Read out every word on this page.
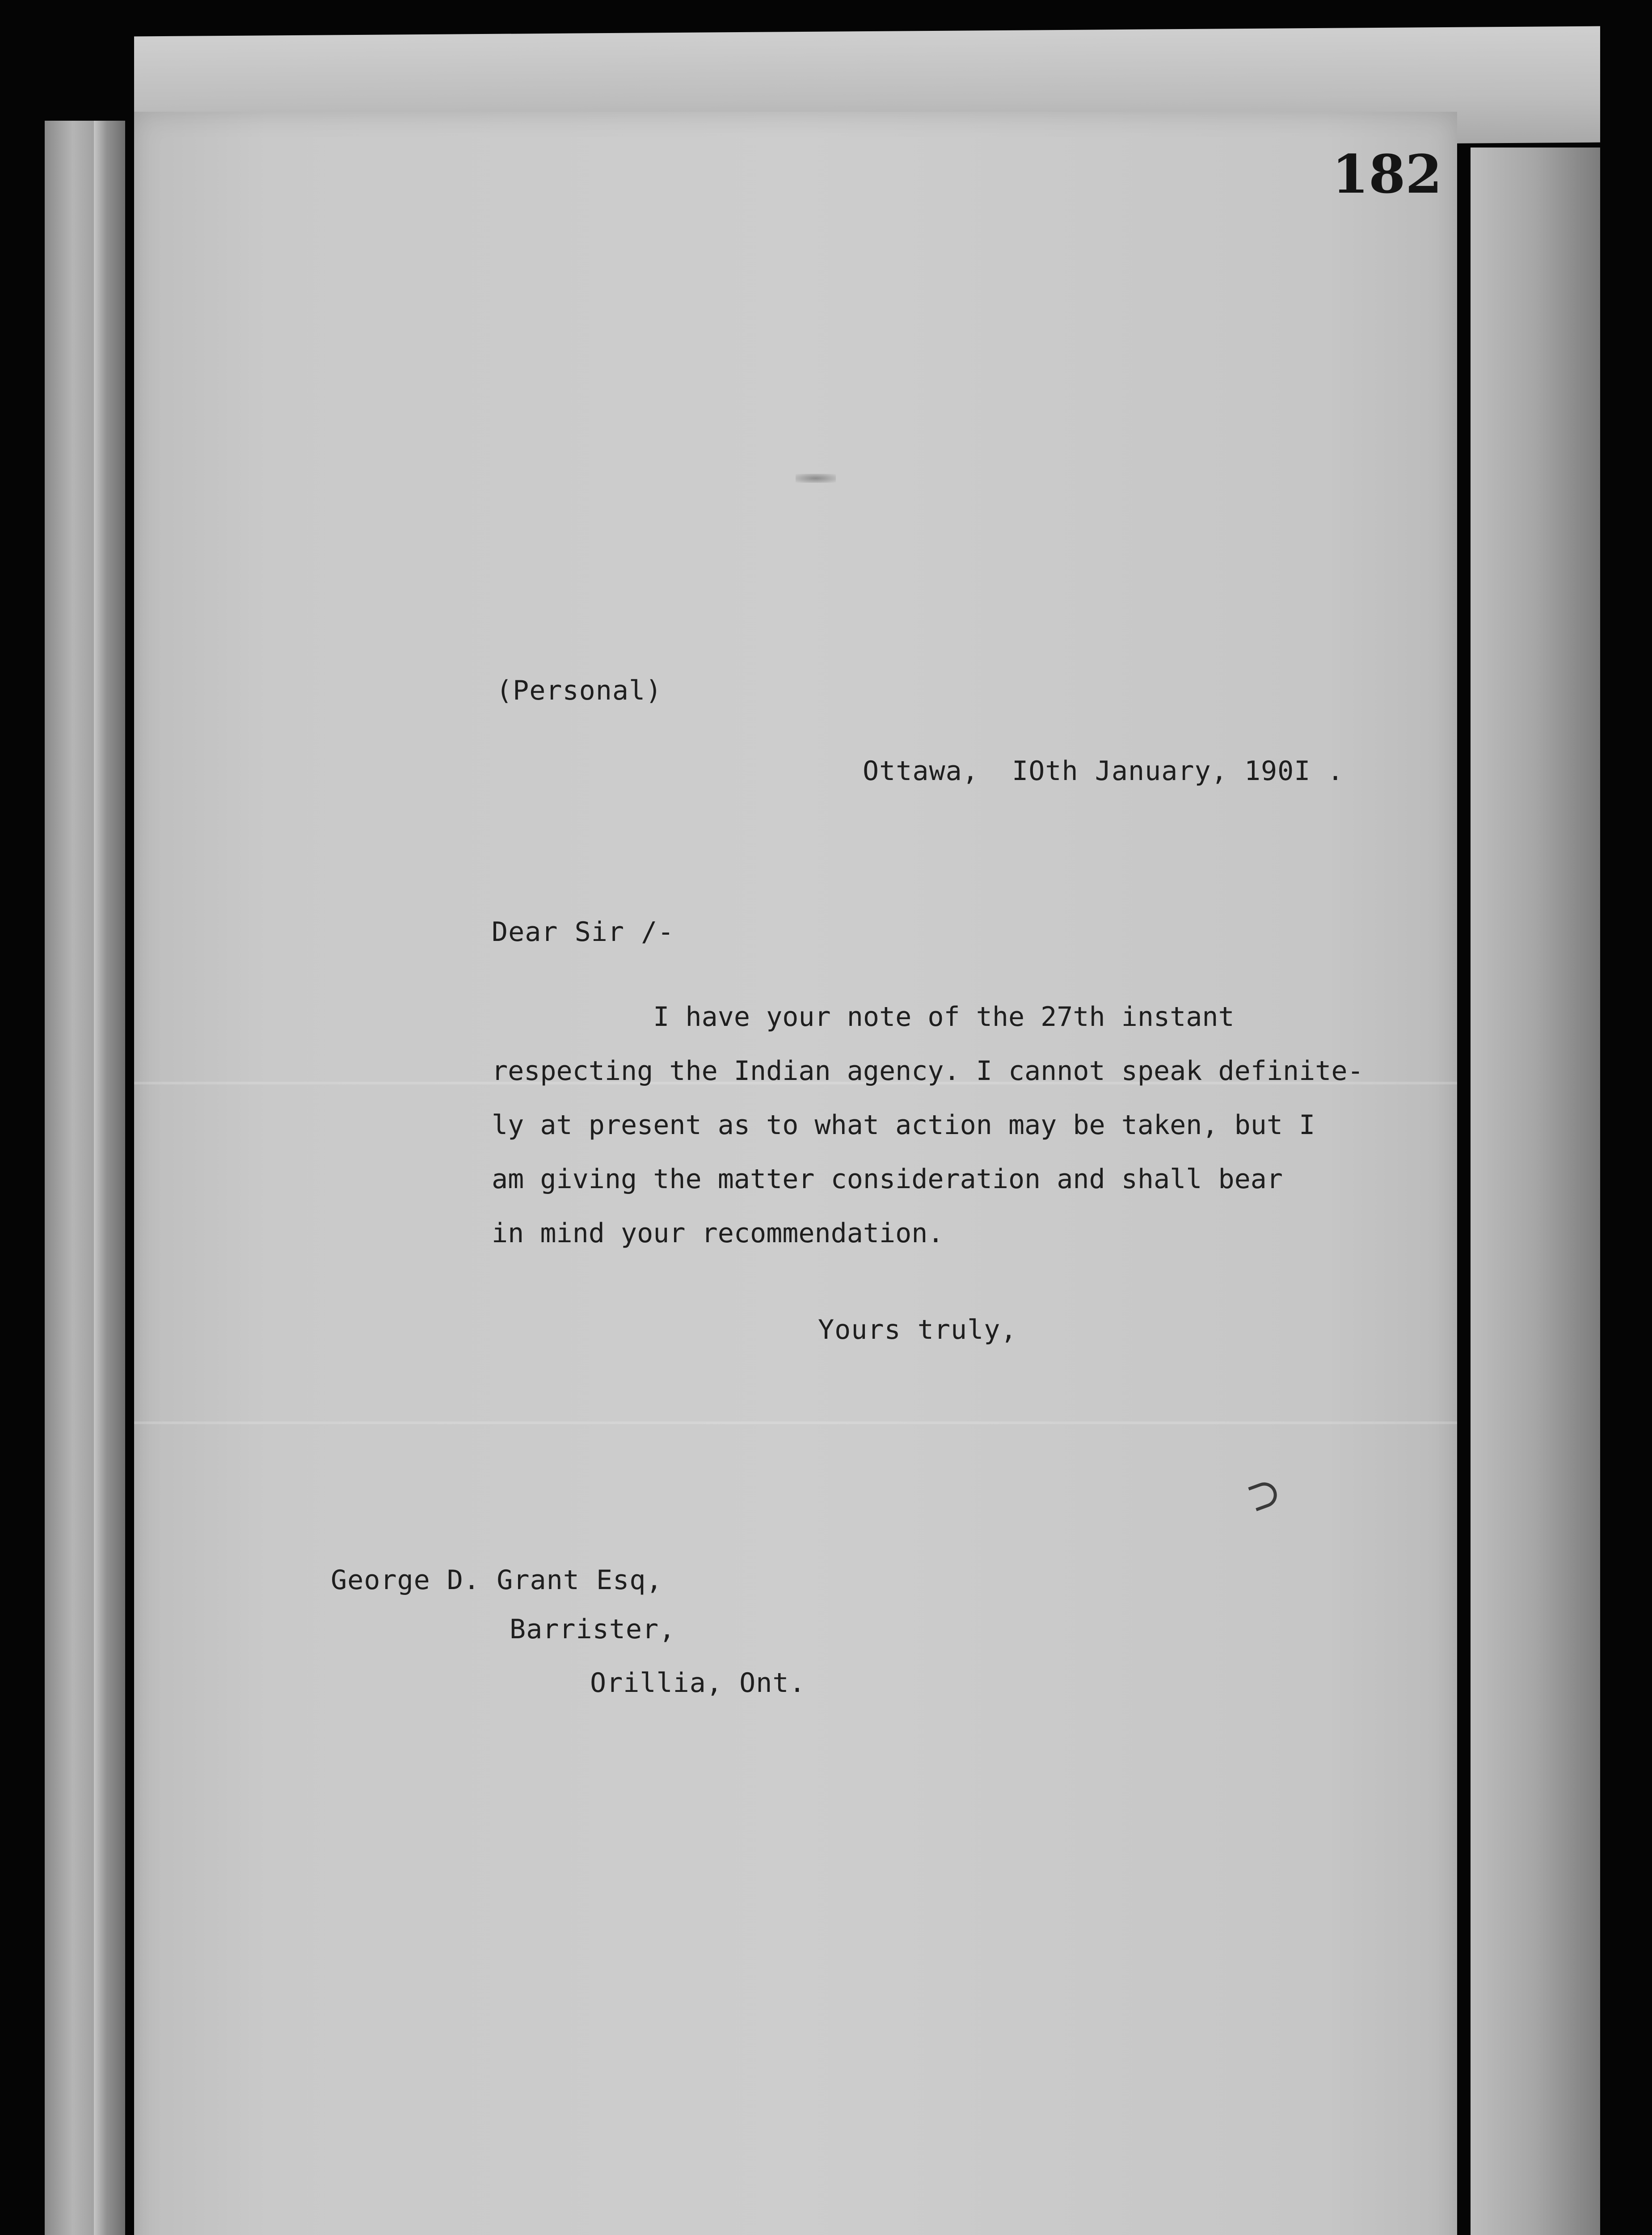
182
(Personal)
Ottawa,  IOth January, 190I .
Dear Sir /-
I have your note of the 27th instant
respecting the Indian agency. I cannot speak definite-
ly at present as to what action may be taken, but I
am giving the matter consideration and shall bear
in mind your recommendation.
Yours truly,
⊃
George D. Grant Esq,
Barrister,
Orillia, Ont.
